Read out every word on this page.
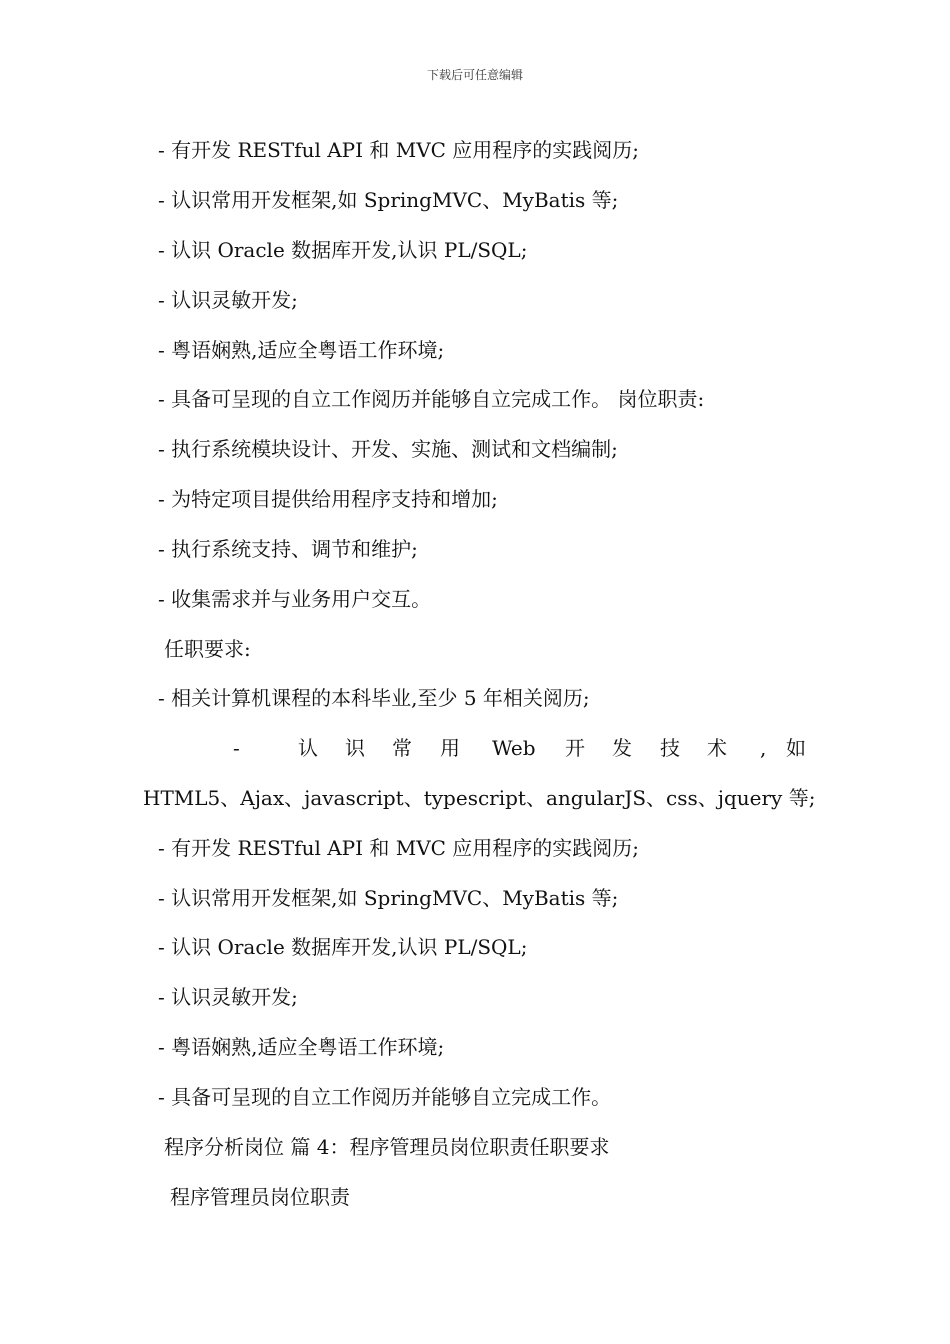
下载后可任意编辑
- 有开发 RESTful API 和 MVC 应用程序的实践阅历;
- 认识常用开发框架,如 SpringMVC、MyBatis 等;
- 认识 Oracle 数据库开发,认识 PL/SQL;
- 认识灵敏开发;
- 粤语娴熟,适应全粤语工作环境;
- 具备可呈现的自立工作阅历并能够自立完成工作。 岗位职责:
- 执行系统模块设计、开发、实施、测试和文档编制;
- 为特定项目提供给用程序支持和增加;
- 执行系统支持、调节和维护;
- 收集需求并与业务用户交互。
任职要求:
- 相关计算机课程的本科毕业,至少 5 年相关阅历;
-	认 识 常 用 Web 开 发 技 术 , 如
HTML5、Ajax、javascript、typescript、angularJS、css、jquery 等;
- 有开发 RESTful API 和 MVC 应用程序的实践阅历;
- 认识常用开发框架,如 SpringMVC、MyBatis 等;
- 认识 Oracle 数据库开发,认识 PL/SQL;
- 认识灵敏开发;
- 粤语娴熟,适应全粤语工作环境;
- 具备可呈现的自立工作阅历并能够自立完成工作。
程序分析岗位 篇 4：程序管理员岗位职责任职要求
程序管理员岗位职责
